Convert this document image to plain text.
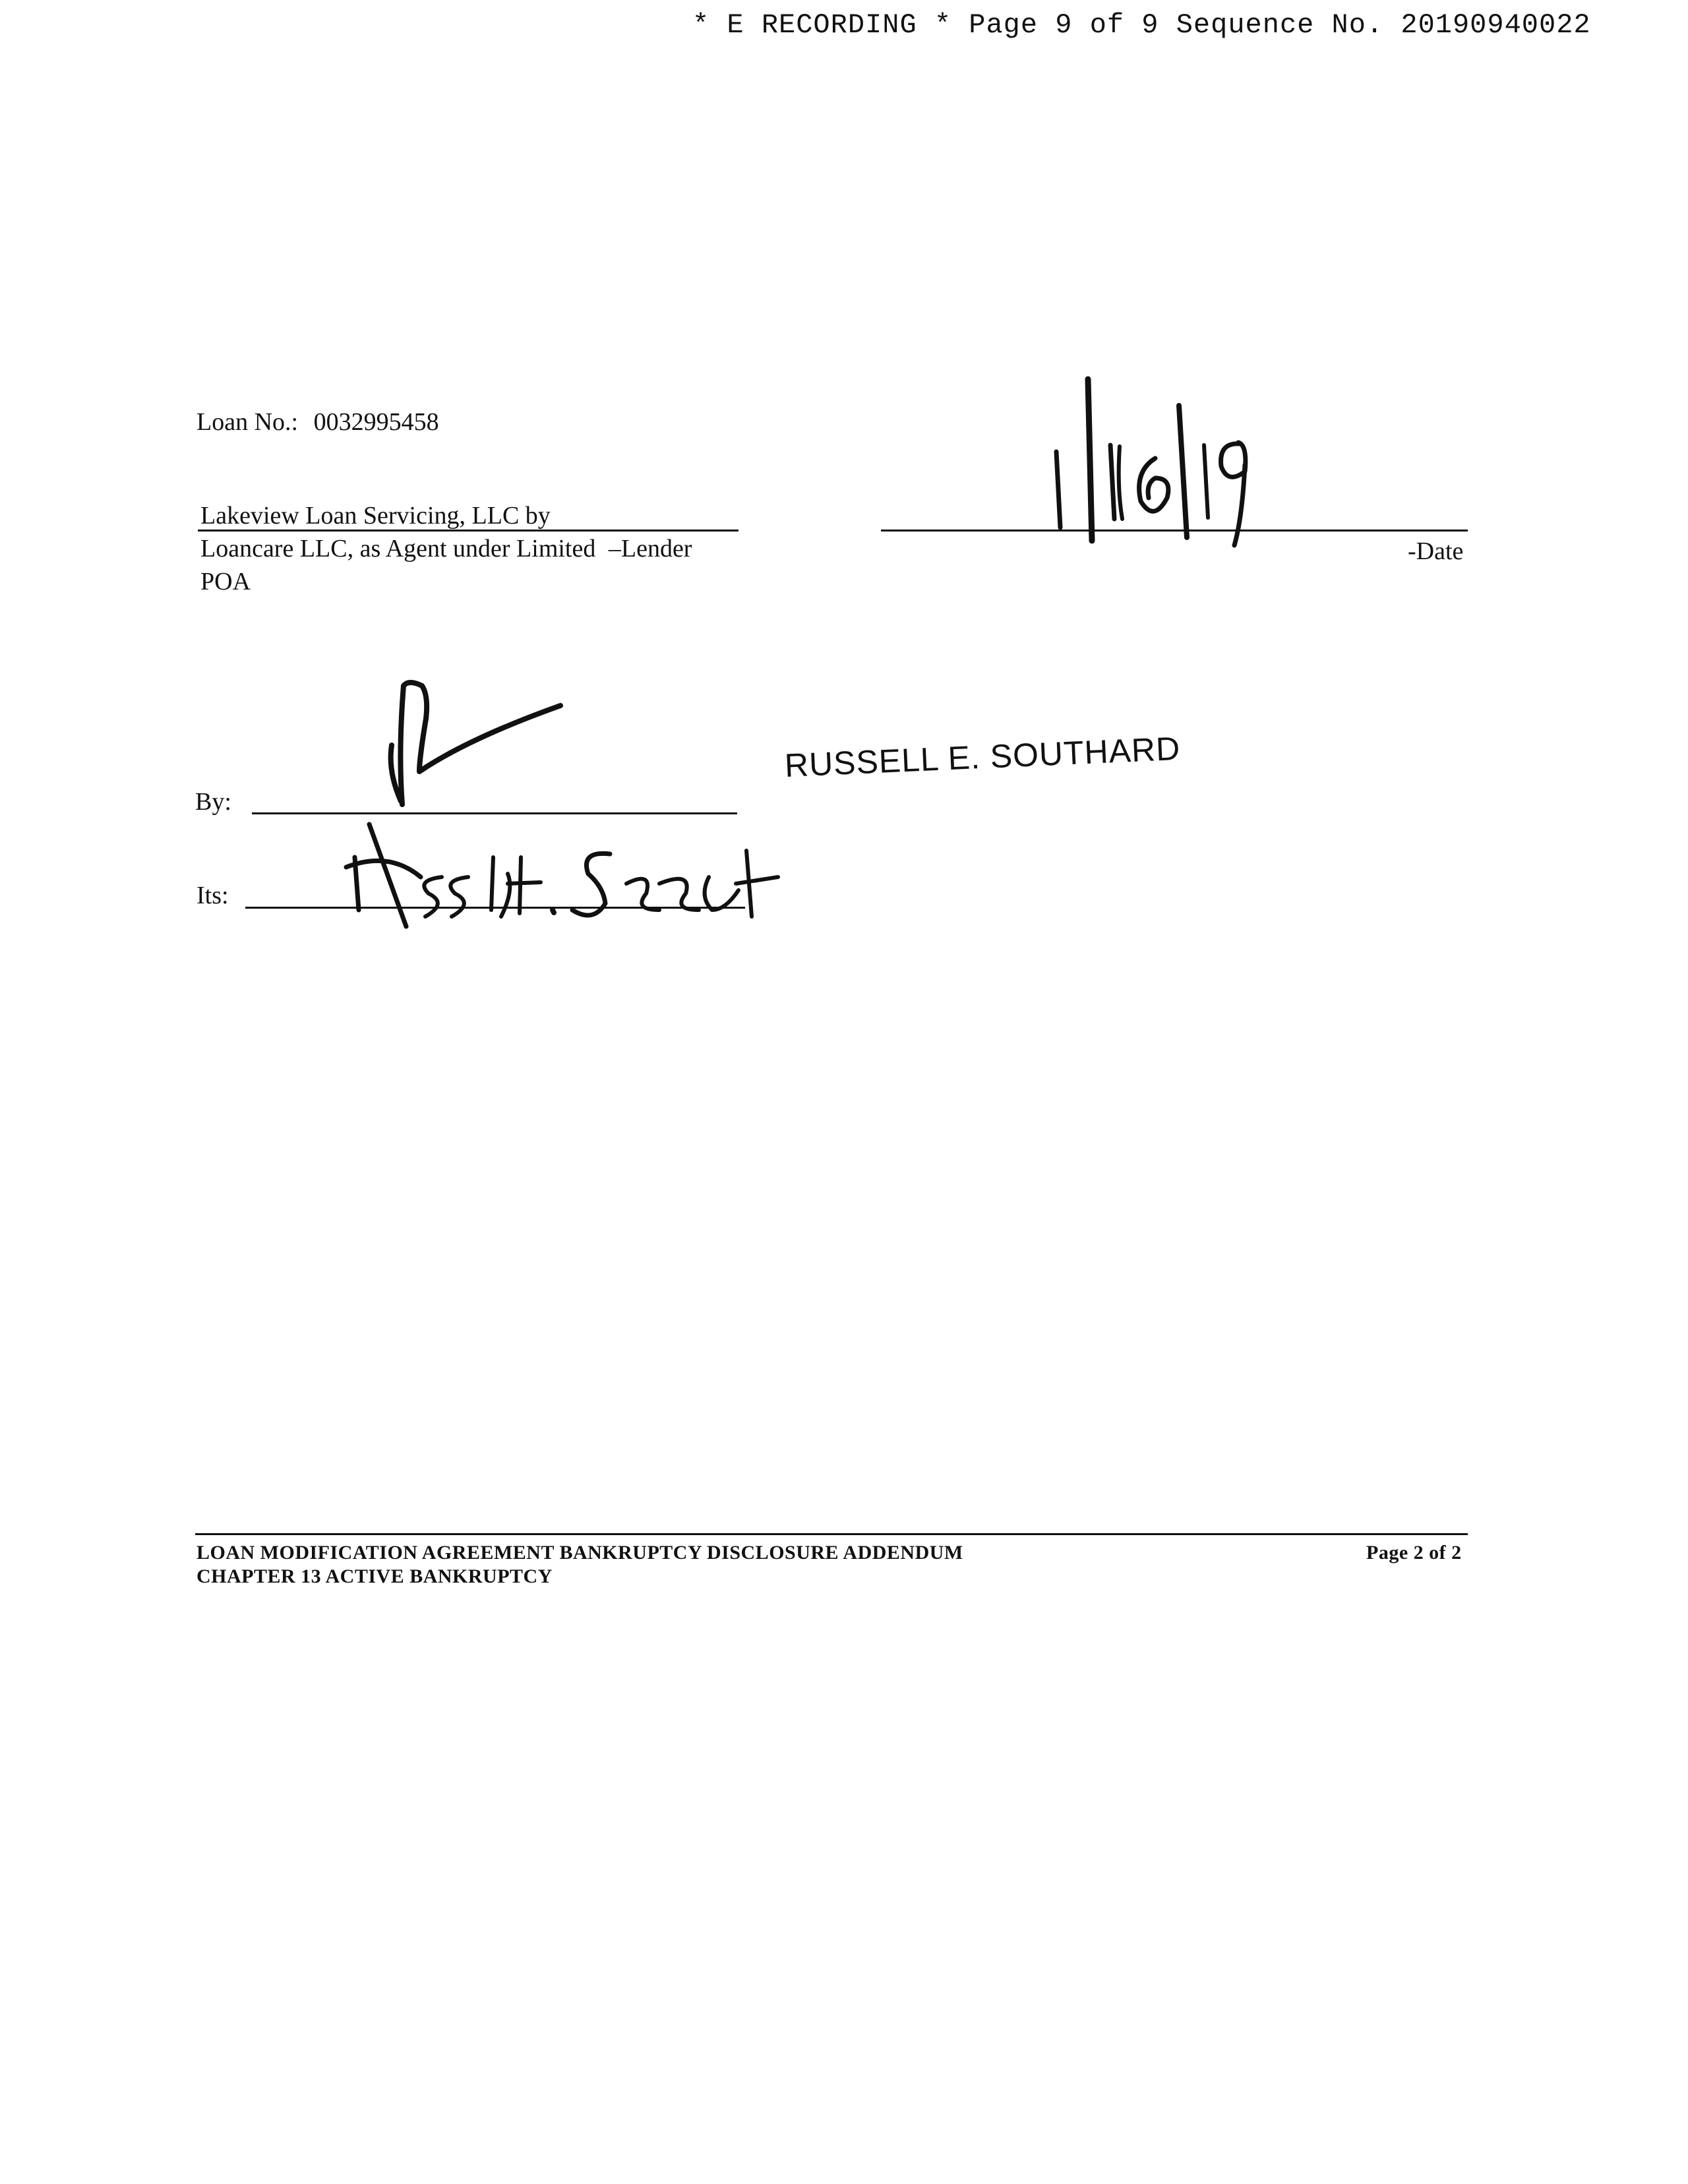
* E RECORDING * Page 9 of 9 Sequence No. 20190940022
Loan No.: 0032995458
Lakeview Loan Servicing, LLC by
Loancare LLC, as Agent under Limited –Lender
POA
-Date
By:
RUSSELL E. SOUTHARD
Its:
LOAN MODIFICATION AGREEMENT BANKRUPTCY DISCLOSURE ADDENDUM
CHAPTER 13 ACTIVE BANKRUPTCY
Page 2 of 2
